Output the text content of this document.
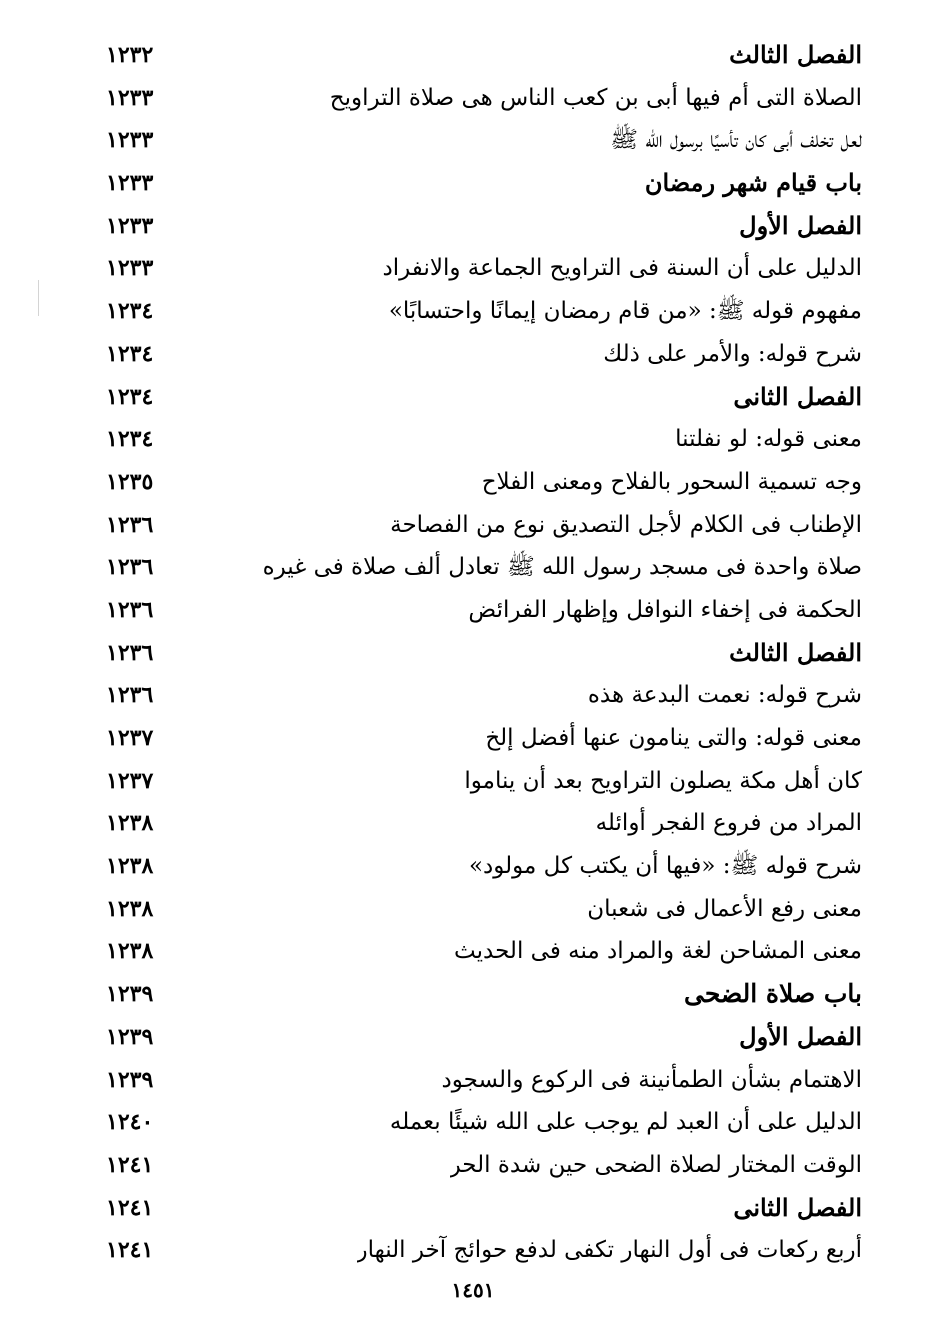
الفصل الثالث
١٢٣٢
الصلاة التى أم فيها أبى بن كعب الناس هى صلاة التراويح
١٢٣٣
لعل تخلف أبى كان تأسيًا برسول الله ﷺ
١٢٣٣
باب قيام شهر رمضان
١٢٣٣
الفصل الأول
١٢٣٣
الدليل على أن السنة فى التراويح الجماعة والانفراد
١٢٣٣
مفهوم قوله ﷺ: «من قام رمضان إيمانًا واحتسابًا»
١٢٣٤
شرح قوله: والأمر على ذلك
١٢٣٤
الفصل الثانى
١٢٣٤
معنى قوله: لو نفلتنا
١٢٣٤
وجه تسمية السحور بالفلاح ومعنى الفلاح
١٢٣٥
الإطناب فى الكلام لأجل التصديق نوع من الفصاحة
١٢٣٦
صلاة واحدة فى مسجد رسول الله ﷺ تعادل ألف صلاة فى غيره
١٢٣٦
الحكمة فى إخفاء النوافل وإظهار الفرائض
١٢٣٦
الفصل الثالث
١٢٣٦
شرح قوله: نعمت البدعة هذه
١٢٣٦
معنى قوله: والتى ينامون عنها أفضل إلخ
١٢٣٧
كان أهل مكة يصلون التراويح بعد أن يناموا
١٢٣٧
المراد من فروع الفجر أوائله
١٢٣٨
شرح قوله ﷺ: «فيها أن يكتب كل مولود»
١٢٣٨
معنى رفع الأعمال فى شعبان
١٢٣٨
معنى المشاحن لغة والمراد منه فى الحديث
١٢٣٨
باب صلاة الضحى
١٢٣٩
الفصل الأول
١٢٣٩
الاهتمام بشأن الطمأنينة فى الركوع والسجود
١٢٣٩
الدليل على أن العبد لم يوجب على الله شيئًا بعمله
١٢٤٠
الوقت المختار لصلاة الضحى حين شدة الحر
١٢٤١
الفصل الثانى
١٢٤١
أربع ركعات فى أول النهار تكفى لدفع حوائج آخر النهار
١٢٤١
١٤٥١
